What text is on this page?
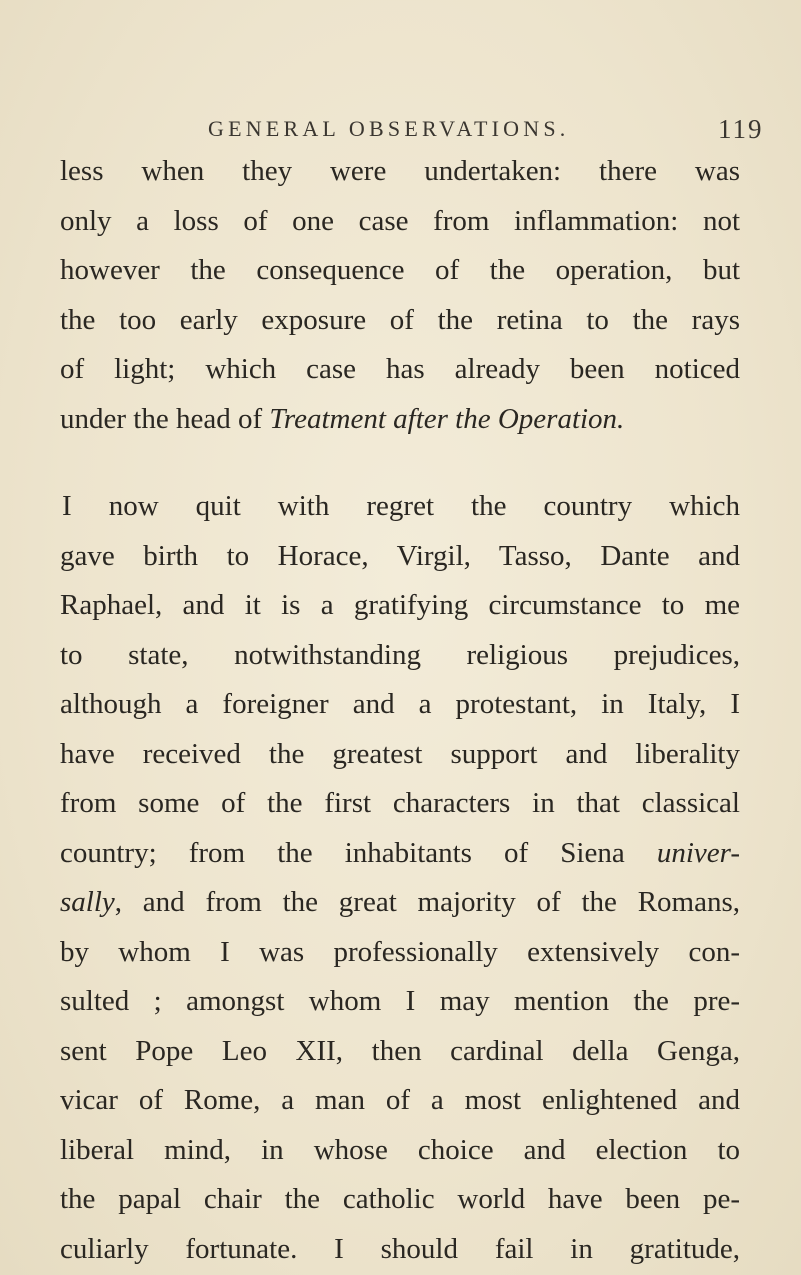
GENERAL OBSERVATIONS.	119
less when they were undertaken: there was
only a loss of one case from inflammation: not
however the consequence of the operation, but
the too early exposure of the retina to the rays
of light; which case has already been noticed
under the head of Treatment after the Operation.
I now quit with regret the country which
gave birth to Horace, Virgil, Tasso, Dante and
Raphael, and it is a gratifying circumstance to me
to state, notwithstanding religious prejudices,
although a foreigner and a protestant, in Italy, I
have received the greatest support and liberality
from some of the first characters in that classical
country; from the inhabitants of Siena univer-
sally, and from the great majority of the Romans,
by whom I was professionally extensively con-
sulted ; amongst whom I may mention the pre-
sent Pope Leo XII, then cardinal della Genga,
vicar of Rome, a man of a most enlightened and
liberal mind, in whose choice and election to
the papal chair the catholic world have been pe-
culiarly fortunate. I should fail in gratitude,
